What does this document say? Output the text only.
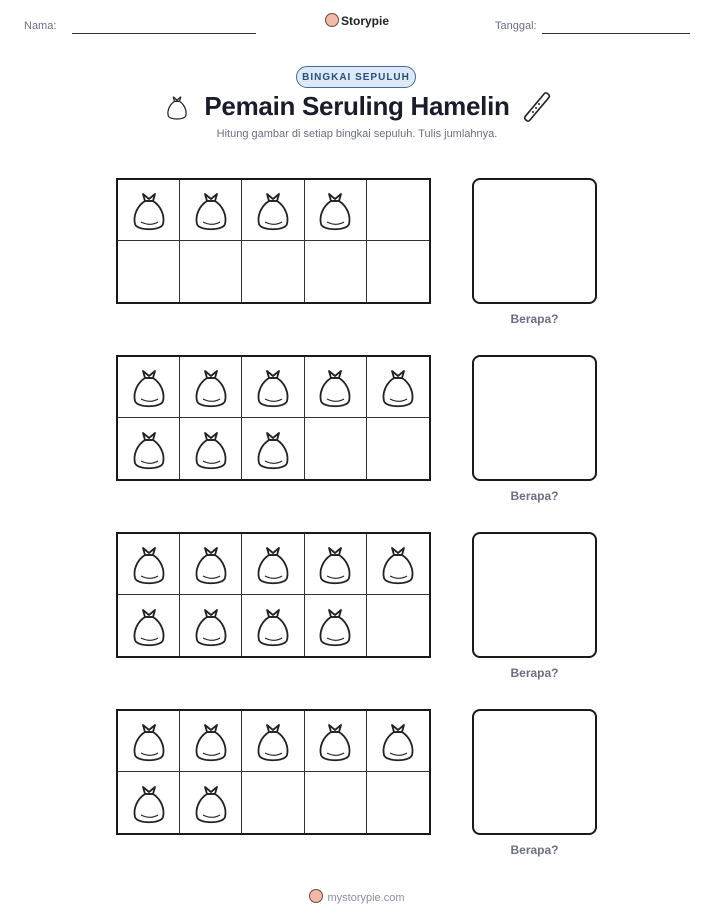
Nama:	Storypie	Tanggal:
BINGKAI SEPULUH
Pemain Seruling Hamelin
Hitung gambar di setiap bingkai sepuluh. Tulis jumlahnya.
Berapa?
Berapa?
Berapa?
Berapa?
mystorypie.com
